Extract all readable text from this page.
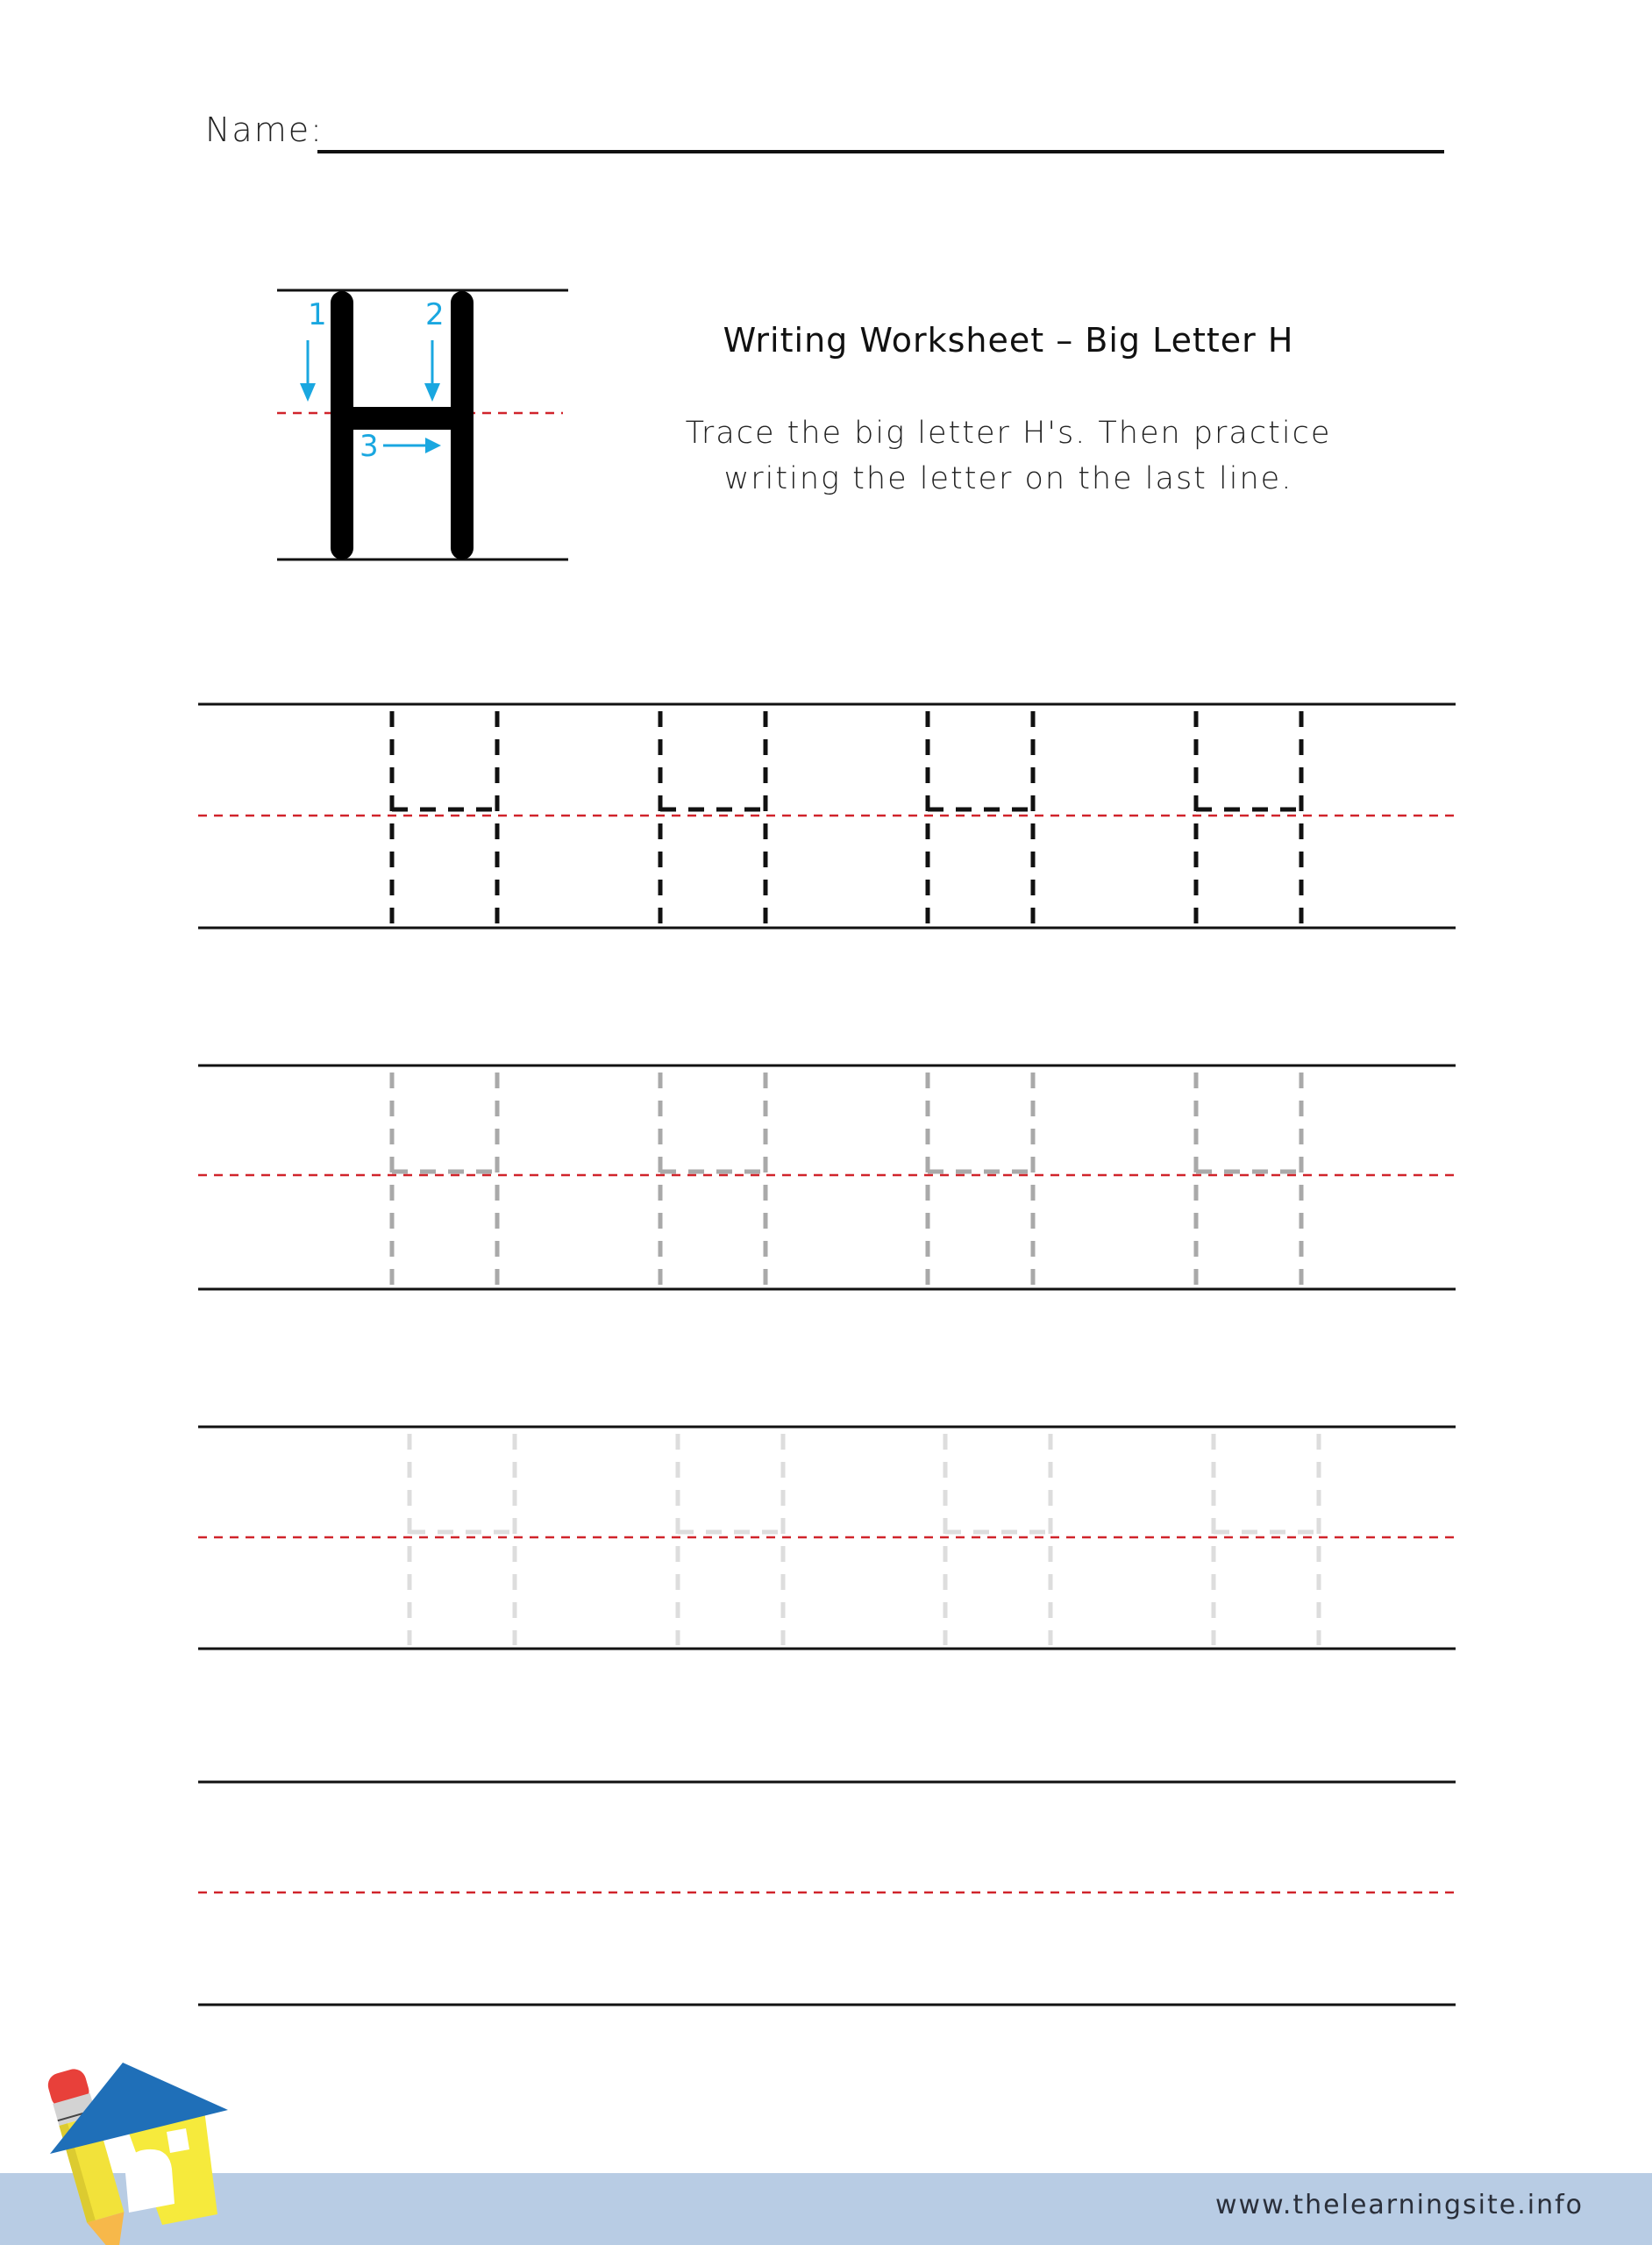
Name:
Writing Worksheet – Big Letter H
Trace the big letter H's. Then practice
writing the letter on the last line.
1	2
3
www.thelearningsite.info
